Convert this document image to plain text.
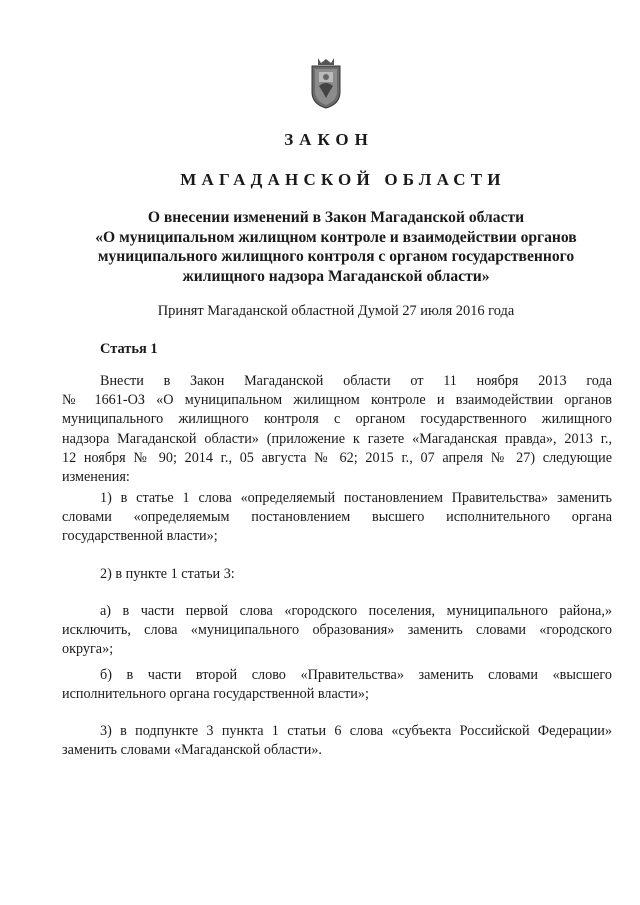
ЗАКОН
МАГАДАНСКОЙ ОБЛАСТИ
О внесении изменений в Закон Магаданской области
«О муниципальном жилищном контроле и взаимодействии органов
муниципального жилищного контроля с органом государственного
жилищного надзора Магаданской области»
Принят Магаданской областной Думой 27 июля 2016 года
Статья 1
Внести в Закон Магаданской области от 11 ноября 2013 года
№ 1661-ОЗ «О муниципальном жилищном контроле и взаимодействии органов
муниципального жилищного контроля с органом государственного жилищного
надзора Магаданской области» (приложение к газете «Магаданская правда», 2013 г.,
12 ноября № 90; 2014 г., 05 августа № 62; 2015 г., 07 апреля № 27) следующие
изменения:
1) в статье 1 слова «определяемый постановлением Правительства» заменить
словами «определяемым постановлением высшего исполнительного органа
государственной власти»;
2) в пункте 1 статьи 3:
а) в части первой слова «городского поселения, муниципального района,»
исключить, слова «муниципального образования» заменить словами «городского
округа»;
б) в части второй слово «Правительства» заменить словами «высшего
исполнительного органа государственной власти»;
3) в подпункте 3 пункта 1 статьи 6 слова «субъекта Российской Федерации»
заменить словами «Магаданской области».
